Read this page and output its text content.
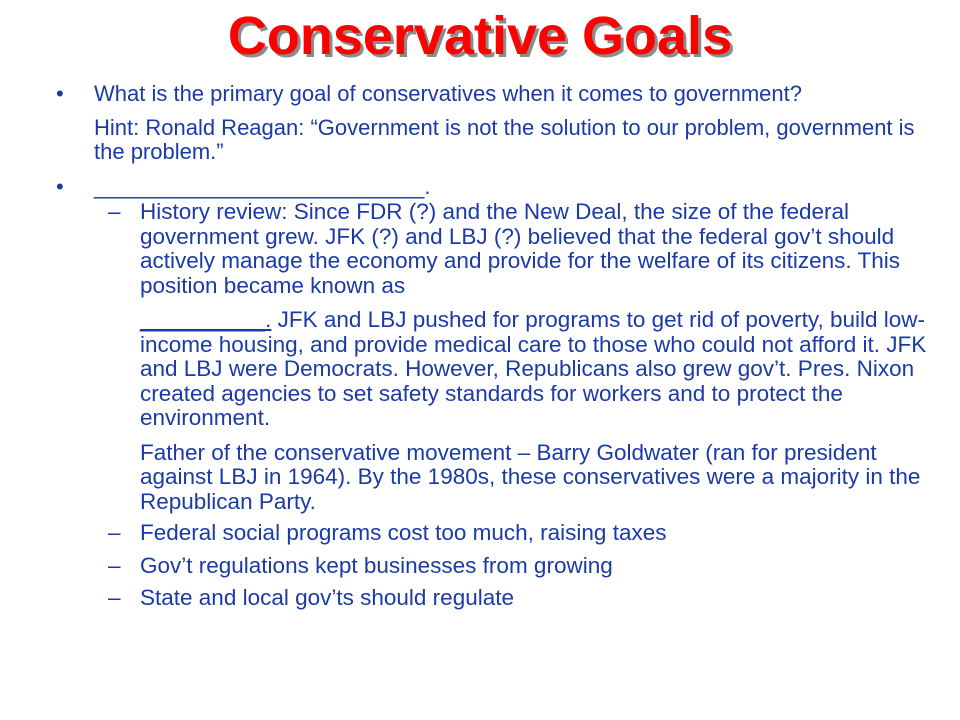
Conservative Goals
• What is the primary goal of conservatives when it comes to government?
Hint: Ronald Reagan: “Government is not the solution to our problem, government is the problem.”
• ___________________________.
– History review: Since FDR (?) and the New Deal, the size of the federal government grew. JFK (?) and LBJ (?) believed that the federal gov’t should actively manage the economy and provide for the welfare of its citizens. This position became known as
__________. JFK and LBJ pushed for programs to get rid of poverty, build low-income housing, and provide medical care to those who could not afford it. JFK and LBJ were Democrats. However, Republicans also grew gov’t. Pres. Nixon created agencies to set safety standards for workers and to protect the environment.
Father of the conservative movement – Barry Goldwater (ran for president against LBJ in 1964). By the 1980s, these conservatives were a majority in the Republican Party.
– Federal social programs cost too much, raising taxes
– Gov’t regulations kept businesses from growing
– State and local gov’ts should regulate
